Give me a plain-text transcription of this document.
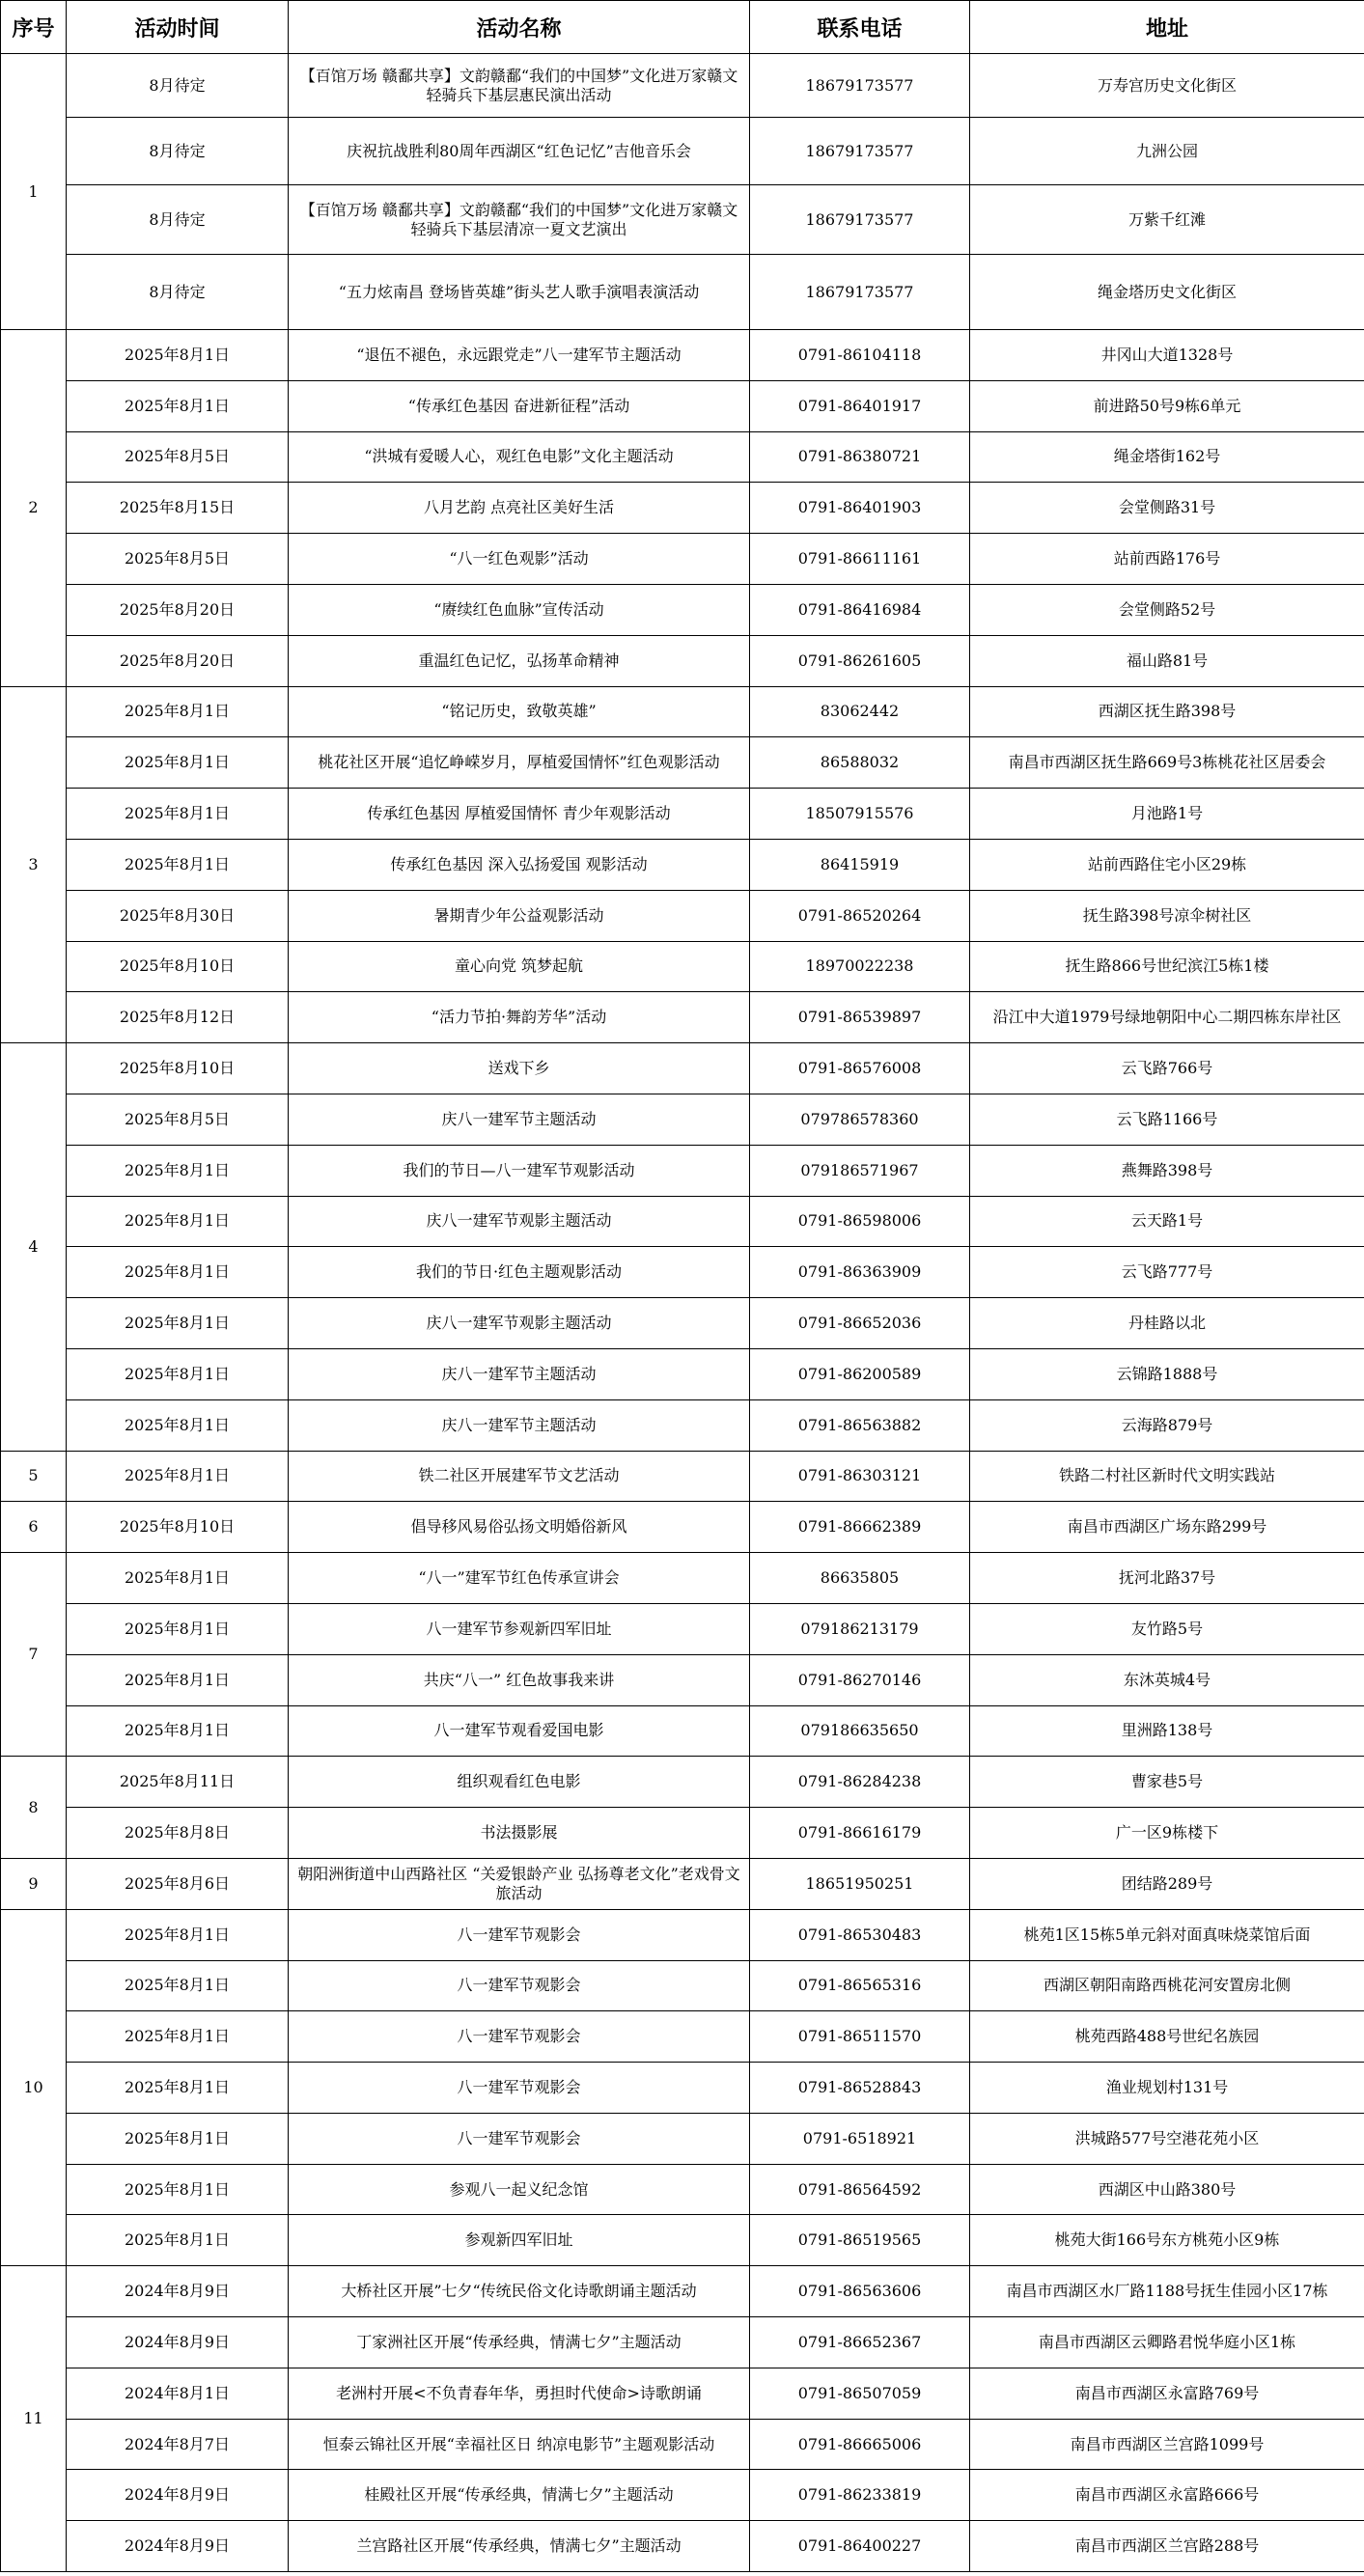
序号	活动时间	活动名称	联系电话	地址
1	8月待定	【百馆万场 赣鄱共享】文韵赣鄱“我们的中国梦”文化进万家赣文轻骑兵下基层惠民演出活动	18679173577	万寿宫历史文化街区
	8月待定	庆祝抗战胜利80周年西湖区“红色记忆”吉他音乐会	18679173577	九洲公园
	8月待定	【百馆万场 赣鄱共享】文韵赣鄱“我们的中国梦”文化进万家赣文轻骑兵下基层清凉一夏文艺演出	18679173577	万紫千红滩
	8月待定	“五力炫南昌 登场皆英雄”街头艺人歌手演唱表演活动	18679173577	绳金塔历史文化街区
2	2025年8月1日	“退伍不褪色，永远跟党走”八一建军节主题活动	0791-86104118	井冈山大道1328号
	2025年8月1日	“传承红色基因 奋进新征程”活动	0791-86401917	前进路50号9栋6单元
	2025年8月5日	“洪城有爱暖人心，观红色电影”文化主题活动	0791-86380721	绳金塔街162号
	2025年8月15日	八月艺韵 点亮社区美好生活	0791-86401903	会堂侧路31号
	2025年8月5日	“八一红色观影”活动	0791-86611161	站前西路176号
	2025年8月20日	“赓续红色血脉”宣传活动	0791-86416984	会堂侧路52号
	2025年8月20日	重温红色记忆，弘扬革命精神	0791-86261605	福山路81号
3	2025年8月1日	“铭记历史，致敬英雄”	83062442	西湖区抚生路398号
	2025年8月1日	桃花社区开展“追忆峥嵘岁月，厚植爱国情怀”红色观影活动	86588032	南昌市西湖区抚生路669号3栋桃花社区居委会
	2025年8月1日	传承红色基因 厚植爱国情怀 青少年观影活动	18507915576	月池路1号
	2025年8月1日	传承红色基因 深入弘扬爱国 观影活动	86415919	站前西路住宅小区29栋
	2025年8月30日	暑期青少年公益观影活动	0791-86520264	抚生路398号凉伞树社区
	2025年8月10日	童心向党 筑梦起航	18970022238	抚生路866号世纪滨江5栋1楼
	2025年8月12日	“活力节拍·舞韵芳华”活动	0791-86539897	沿江中大道1979号绿地朝阳中心二期四栋东岸社区
4	2025年8月10日	送戏下乡	0791-86576008	云飞路766号
	2025年8月5日	庆八一建军节主题活动	079786578360	云飞路1166号
	2025年8月1日	我们的节日—八一建军节观影活动	079186571967	燕舞路398号
	2025年8月1日	庆八一建军节观影主题活动	0791-86598006	云天路1号
	2025年8月1日	我们的节日·红色主题观影活动	0791-86363909	云飞路777号
	2025年8月1日	庆八一建军节观影主题活动	0791-86652036	丹桂路以北
	2025年8月1日	庆八一建军节主题活动	0791-86200589	云锦路1888号
	2025年8月1日	庆八一建军节主题活动	0791-86563882	云海路879号
5	2025年8月1日	铁二社区开展建军节文艺活动	0791-86303121	铁路二村社区新时代文明实践站
6	2025年8月10日	倡导移风易俗弘扬文明婚俗新风	0791-86662389	南昌市西湖区广场东路299号
7	2025年8月1日	“八一”建军节红色传承宣讲会	86635805	抚河北路37号
	2025年8月1日	八一建军节参观新四军旧址	079186213179	友竹路5号
	2025年8月1日	共庆“八一” 红色故事我来讲	0791-86270146	东沐英城4号
	2025年8月1日	八一建军节观看爱国电影	079186635650	里洲路138号
8	2025年8月11日	组织观看红色电影	0791-86284238	曹家巷5号
	2025年8月8日	书法摄影展	0791-86616179	广一区9栋楼下
9	2025年8月6日	朝阳洲街道中山西路社区 “关爱银龄产业 弘扬尊老文化”老戏骨文旅活动	18651950251	团结路289号
10	2025年8月1日	八一建军节观影会	0791-86530483	桃苑1区15栋5单元斜对面真味烧菜馆后面
	2025年8月1日	八一建军节观影会	0791-86565316	西湖区朝阳南路西桃花河安置房北侧
	2025年8月1日	八一建军节观影会	0791-86511570	桃苑西路488号世纪名族园
	2025年8月1日	八一建军节观影会	0791-86528843	渔业规划村131号
	2025年8月1日	八一建军节观影会	0791-6518921	洪城路577号空港花苑小区
	2025年8月1日	参观八一起义纪念馆	0791-86564592	西湖区中山路380号
	2025年8月1日	参观新四军旧址	0791-86519565	桃苑大街166号东方桃苑小区9栋
11	2024年8月9日	大桥社区开展”七夕“传统民俗文化诗歌朗诵主题活动	0791-86563606	南昌市西湖区水厂路1188号抚生佳园小区17栋
	2024年8月9日	丁家洲社区开展“传承经典，情满七夕”主题活动	0791-86652367	南昌市西湖区云卿路君悦华庭小区1栋
	2024年8月1日	老洲村开展<不负青春年华，勇担时代使命>诗歌朗诵	0791-86507059	南昌市西湖区永富路769号
	2024年8月7日	恒泰云锦社区开展“幸福社区日 纳凉电影节”主题观影活动	0791-86665006	南昌市西湖区兰宫路1099号
	2024年8月9日	桂殿社区开展“传承经典，情满七夕”主题活动	0791-86233819	南昌市西湖区永富路666号
	2024年8月9日	兰宫路社区开展“传承经典，情满七夕”主题活动	0791-86400227	南昌市西湖区兰宫路288号
